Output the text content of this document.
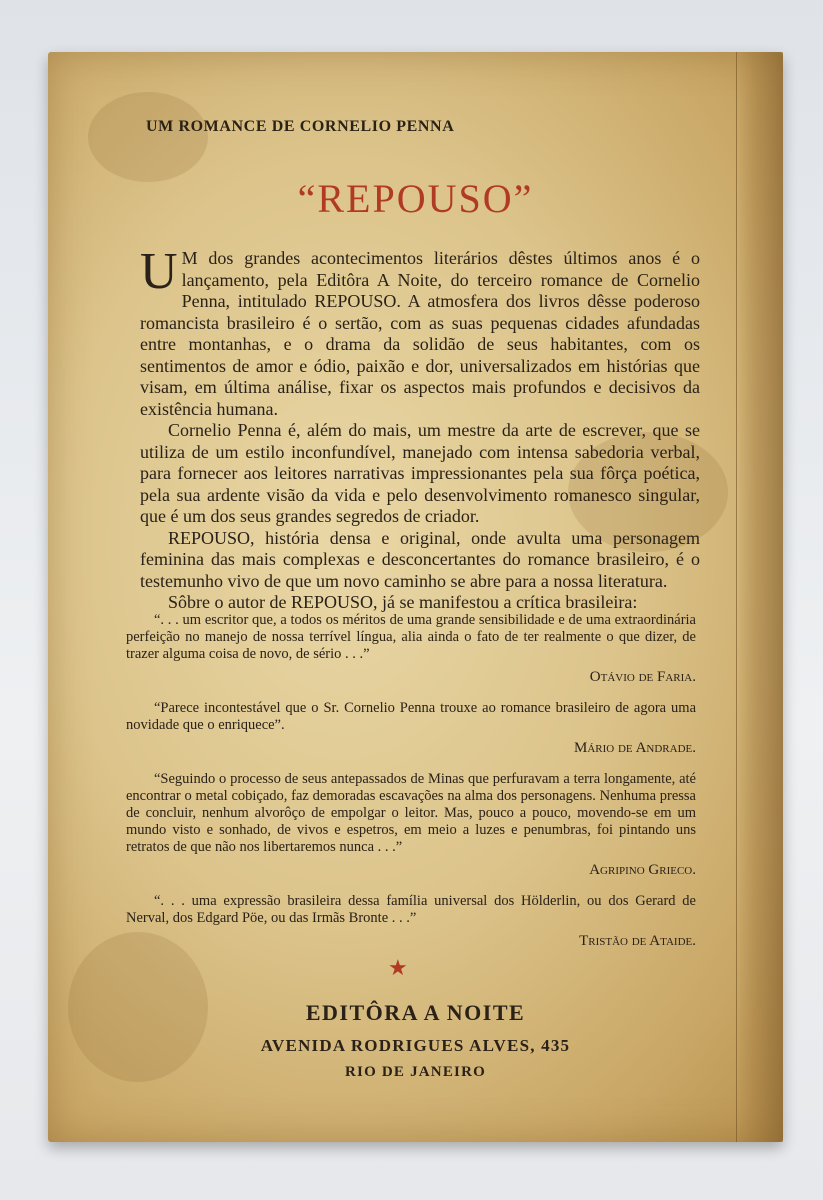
UM ROMANCE DE CORNELIO PENNA
“REPOUSO”

U M dos grandes acontecimentos literários dêstes últimos anos é o lançamento, pela Editôra A Noite, do terceiro romance de Cornelio Penna, intitulado REPOUSO. A atmosfera dos livros dêsse poderoso romancista brasileiro é o sertão, com as suas pequenas cidades afundadas entre montanhas, e o drama da solidão de seus habitantes, com os sentimentos de amor e ódio, paixão e dor, universalizados em histórias que visam, em última análise, fixar os aspectos mais profundos e decisivos da existência humana.

Cornelio Penna é, além do mais, um mestre da arte de escrever, que se utiliza de um estilo inconfundível, manejado com intensa sabedoria verbal, para fornecer aos leitores narrativas impressionantes pela sua fôrça poética, pela sua ardente visão da vida e pelo desenvolvimento romanesco singular, que é um dos seus grandes segredos de criador.

REPOUSO, história densa e original, onde avulta uma personagem feminina das mais complexas e desconcertantes do romance brasileiro, é o testemunho vivo de que um novo caminho se abre para a nossa literatura.

Sôbre o autor de REPOUSO, já se manifestou a crítica brasileira:

“. . . um escritor que, a todos os méritos de uma grande sensibilidade e de uma extraordinária perfeição no manejo de nossa terrível língua, alia ainda o fato de ter realmente o que dizer, de trazer alguma coisa de novo, de sério . . .”

Otávio de Faria.

“Parece incontestável que o Sr. Cornelio Penna trouxe ao romance brasileiro de agora uma novidade que o enriquece”.

Mário de Andrade.

“Seguindo o processo de seus antepassados de Minas que perfuravam a terra longamente, até encontrar o metal cobiçado, faz demoradas escavações na alma dos personagens. Nenhuma pressa de concluir, nenhum alvorôço de empolgar o leitor. Mas, pouco a pouco, movendo-se em um mundo visto e sonhado, de vivos e espetros, em meio a luzes e penumbras, foi pintando uns retratos de que não nos libertaremos nunca . . .”

Agripino Grieco.

“. . . uma expressão brasileira dessa família universal dos Hölderlin, ou dos Gerard de Nerval, dos Edgard Pöe, ou das Irmãs Bronte . . .”

Tristão de Ataide.
★
EDITÔRA A NOITE
AVENIDA RODRIGUES ALVES, 435
RIO DE JANEIRO
